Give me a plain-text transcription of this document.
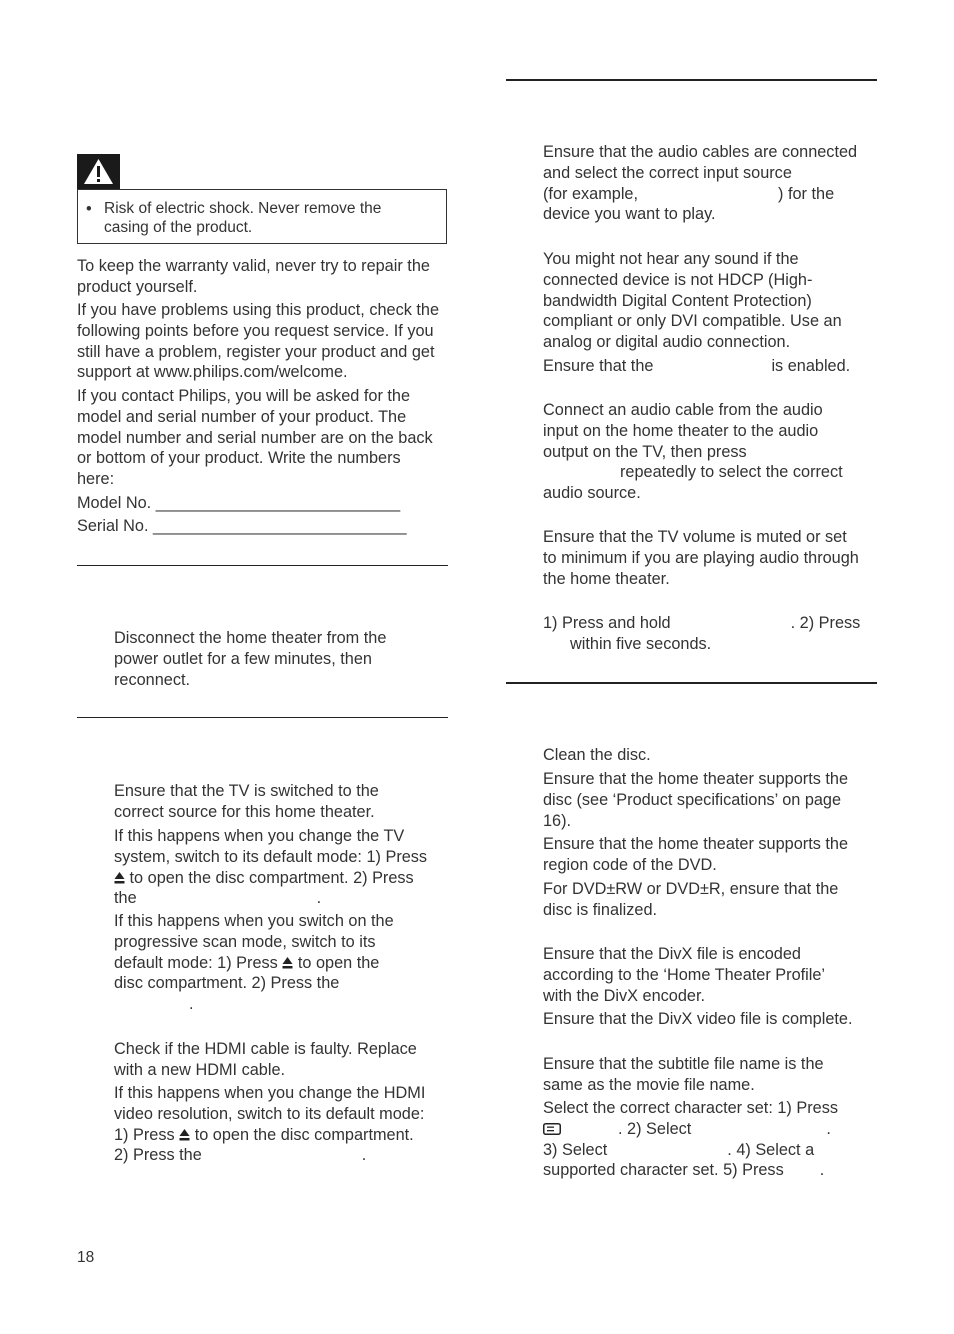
• Risk of electric shock. Never remove the
casing of the product.
To keep the warranty valid, never try to repair the
product yourself.
If you have problems using this product, check the
following points before you request service. If you
still have a problem, register your product and get
support at www.philips.com/welcome.
If you contact Philips, you will be asked for the
model and serial number of your product. The
model number and serial number are on the back
or bottom of your product. Write the numbers
here:
Model No. ___________________________
Serial No. ____________________________
Disconnect the home theater from the
power outlet for a few minutes, then
reconnect.
Ensure that the TV is switched to the
correct source for this home theater.
If this happens when you change the TV
system, switch to its default mode: 1) Press
to open the disc compartment. 2) Press
the	.
If this happens when you switch on the
progressive scan mode, switch to its
default mode: 1) Press to open the
disc compartment. 2) Press the
.
Check if the HDMI cable is faulty. Replace
with a new HDMI cable.
If this happens when you change the HDMI
video resolution, switch to its default mode:
1) Press to open the disc compartment.
2) Press the	.
Ensure that the audio cables are connected
and select the correct input source
(for example,	) for the
device you want to play.
You might not hear any sound if the
connected device is not HDCP (High-
bandwidth Digital Content Protection)
compliant or only DVI compatible. Use an
analog or digital audio connection.
Ensure that the	is enabled.
Connect an audio cable from the audio
input on the home theater to the audio
output on the TV, then press
repeatedly to select the correct
audio source.
Ensure that the TV volume is muted or set
to minimum if you are playing audio through
the home theater.
1) Press and hold	. 2) Press
within five seconds.
Clean the disc.
Ensure that the home theater supports the
disc (see ‘Product specifications’ on page
16).
Ensure that the home theater supports the
region code of the DVD.
For DVD±RW or DVD±R, ensure that the
disc is finalized.
Ensure that the DivX file is encoded
according to the ‘Home Theater Profile’
with the DivX encoder.
Ensure that the DivX video file is complete.
Ensure that the subtitle file name is the
same as the movie file name.
Select the correct character set: 1) Press
. 2) Select	.
3) Select	. 4) Select a
supported character set. 5) Press .
18
